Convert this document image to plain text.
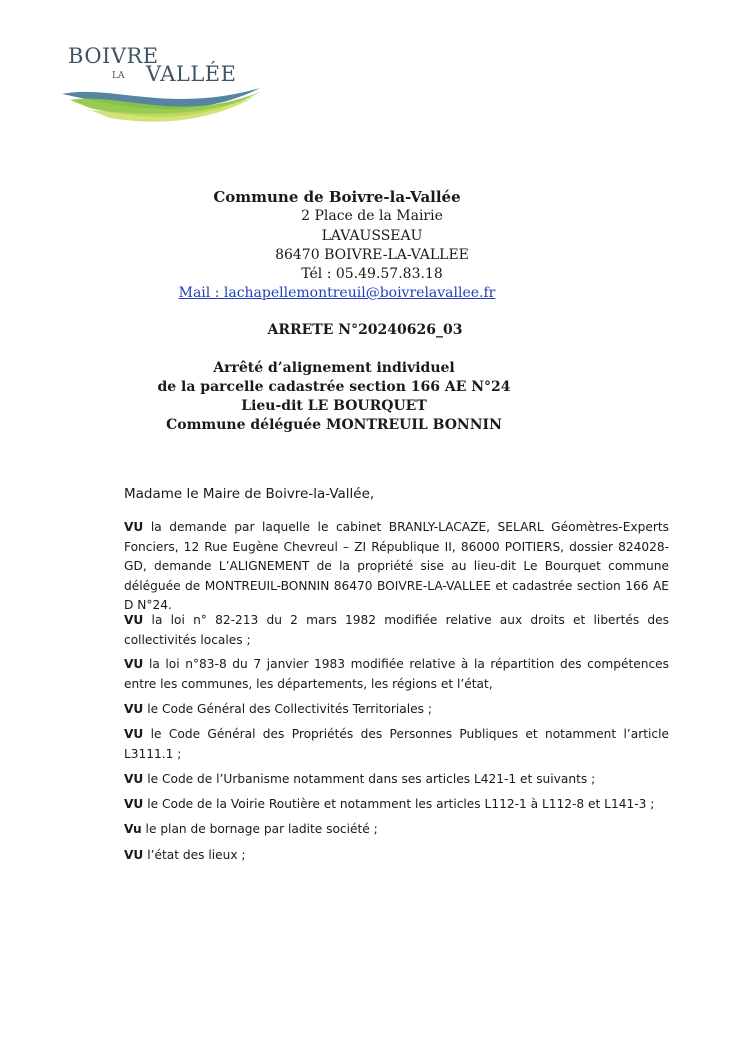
BOIVRE
LA VALLÉE
Commune de Boivre-la-Vallée
2 Place de la Mairie
LAVAUSSEAU
86470 BOIVRE-LA-VALLEE
Tél : 05.49.57.83.18
Mail : lachapellemontreuil@boivrelavallee.fr
ARRETE N°20240626_03
Arrêté d’alignement individuel
de la parcelle cadastrée section 166 AE N°24
Lieu-dit LE BOURQUET
Commune déléguée MONTREUIL BONNIN
Madame le Maire de Boivre-la-Vallée,

VU la demande par laquelle le cabinet BRANLY-LACAZE, SELARL Géomètres-Experts Fonciers, 12 Rue Eugène Chevreul – ZI République II, 86000 POITIERS, dossier 824028-GD, demande L’ALIGNEMENT de la propriété sise au lieu-dit Le Bourquet commune déléguée de MONTREUIL-BONNIN 86470 BOIVRE-LA-VALLEE et cadastrée section 166 AE D N°24.

VU la loi n° 82-213 du 2 mars 1982 modifiée relative aux droits et libertés des collectivités locales ;

VU la loi n°83-8 du 7 janvier 1983 modifiée relative à la répartition des compétences entre les communes, les départements, les régions et l’état,

VU le Code Général des Collectivités Territoriales ;

VU le Code Général des Propriétés des Personnes Publiques et notamment l’article L3111.1 ;

VU le Code de l’Urbanisme notamment dans ses articles L421-1 et suivants ;

VU le Code de la Voirie Routière et notamment les articles L112-1 à L112-8 et L141-3 ;

Vu le plan de bornage par ladite société ;

VU l’état des lieux ;
